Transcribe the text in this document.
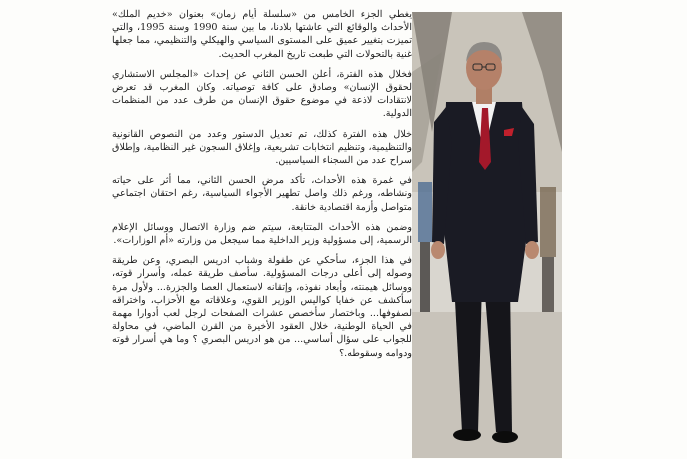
يغطي الجزء الخامس من «سلسلة أيام زمان» بعنوان «خديم الملك» الأحداث والوقائع التي عاشتها بلادنا، ما بين سنة 1990 وسنة 1995، والتي تميزت بتغيير عميق على المستوى السياسي والهيكلي والتنظيمي، مما جعلها غنية بالتحولات التي طبعت تاريخ المغرب الحديث.

فخلال هذه الفترة، أعلن الحسن الثاني عن إحداث «المجلس الاستشاري لحقوق الإنسان» وصادق على كافة توصياته. وكان المغرب قد تعرض لانتقادات لاذعة في موضوع حقوق الإنسان من طرف عدد من المنظمات الدولية.

خلال هذه الفترة كذلك، تم تعديل الدستور وعدد من النصوص القانونية والتنظيمية، وتنظيم انتخابات تشريعية، وإغلاق السجون غير النظامية، وإطلاق سراح عدد من السجناء السياسيين.

في غمرة هذه الأحداث، تأكد مرض الحسن الثاني، مما أثر على حياته ونشاطه، ورغم ذلك واصل تطهير الأجواء السياسية، رغم احتقان اجتماعي متواصل وأزمة اقتصادية خانقة.

وضمن هذه الأحداث المتتابعة، سيتم ضم وزارة الاتصال ووسائل الإعلام الرسمية، إلى مسؤولية وزير الداخلية مما سيجعل من وزارته «أم الوزارات».

في هذا الجزء، سأحكي عن طفولة وشباب ادريس البصري، وعن طريقة وصوله إلى أعلى درجات المسؤولية. سأصف طريقة عمله، وأسرار قوته، ووسائل هيمنته، وأبعاد نفوذه، وإتقانه لاستعمال العصا والجزرة... ولأول مرة سأكشف عن خفايا كواليس الوزير القوي، وعلاقاته مع الأحزاب، واختراقه لصفوفها... وباختصار سأخصص عشرات الصفحات لرجل لعب أدوارا مهمة في الحياة الوطنية، خلال العقود الأخيرة من القرن الماضي، في محاولة للجواب على سؤال أساسي... من هو ادريس البصري ؟ وما هي أسرار قوته ودوامه وسقوطه.؟
